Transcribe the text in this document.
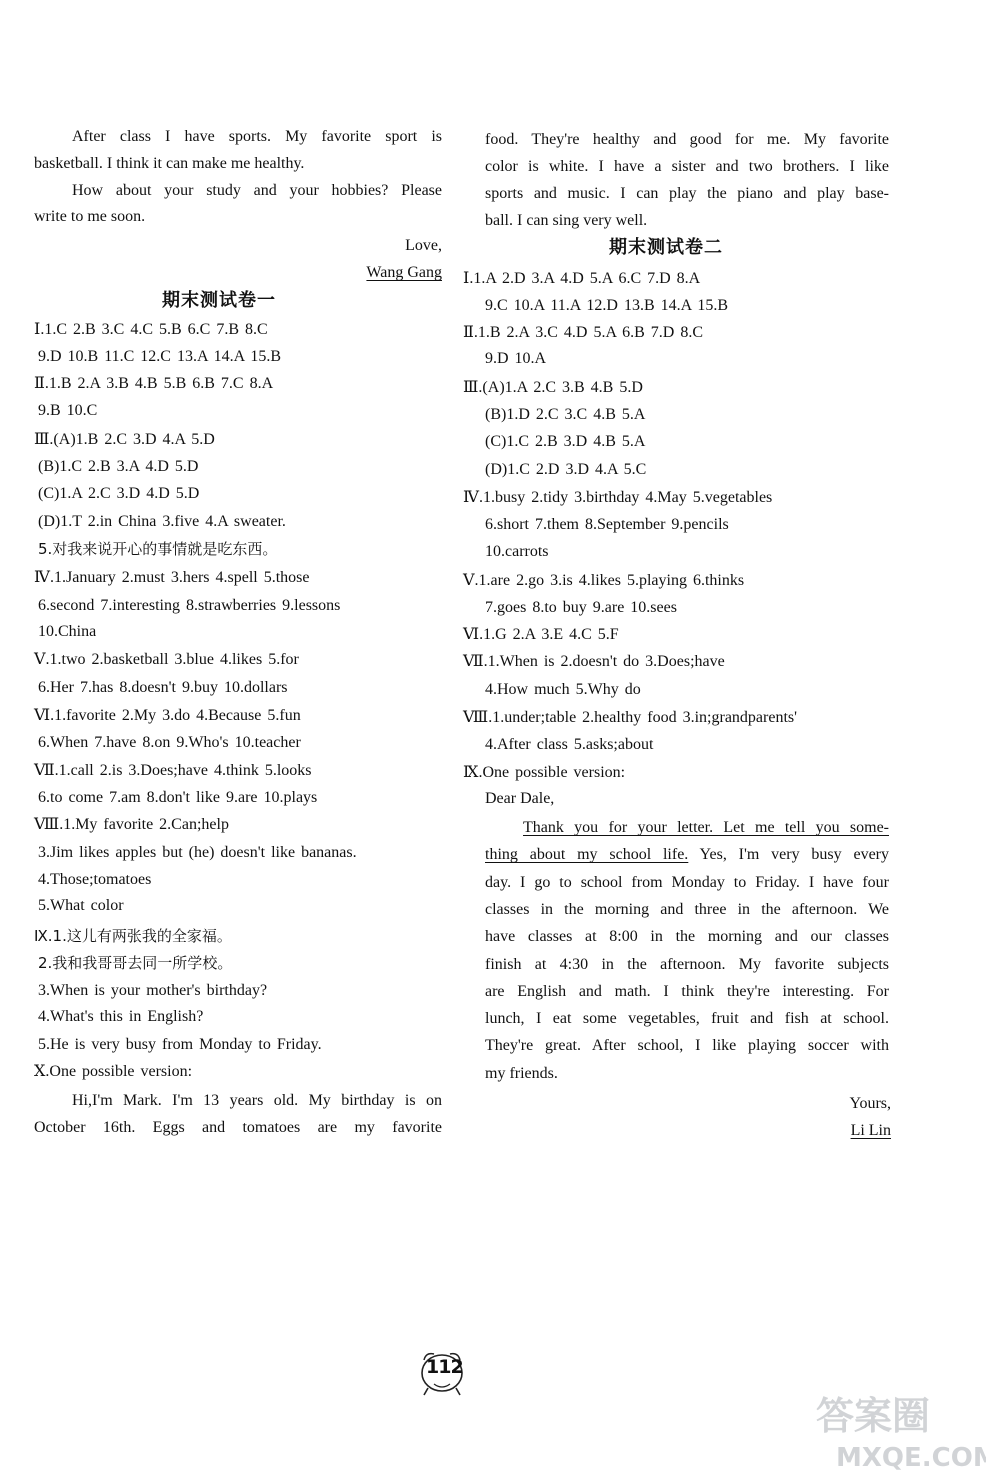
After class I have sports. My favorite sport is
basketball. I think it can make me healthy.
How about your study and your hobbies? Please
write to me soon.
Love,
Wang Gang
期末测试卷一
Ⅰ.1.C 2.B 3.C 4.C 5.B 6.C 7.B 8.C
9.D 10.B 11.C 12.C 13.A 14.A 15.B
Ⅱ.1.B 2.A 3.B 4.B 5.B 6.B 7.C 8.A
9.B 10.C
Ⅲ.(A)1.B 2.C 3.D 4.A 5.D
(B)1.C 2.B 3.A 4.D 5.D
(C)1.A 2.C 3.D 4.D 5.D
(D)1.T 2.in China 3.five 4.A sweater.
5.对我来说开心的事情就是吃东西。
Ⅳ.1.January 2.must 3.hers 4.spell 5.those
6.second 7.interesting 8.strawberries 9.lessons
10.China
Ⅴ.1.two 2.basketball 3.blue 4.likes 5.for
6.Her 7.has 8.doesn't 9.buy 10.dollars
Ⅵ.1.favorite 2.My 3.do 4.Because 5.fun
6.When 7.have 8.on 9.Who's 10.teacher
Ⅶ.1.call 2.is 3.Does;have 4.think 5.looks
6.to come 7.am 8.don't like 9.are 10.plays
Ⅷ.1.My favorite 2.Can;help
3.Jim likes apples but (he) doesn't like bananas.
4.Those;tomatoes
5.What color
Ⅸ.1.这儿有两张我的全家福。
2.我和我哥哥去同一所学校。
3.When is your mother's birthday?
4.What's this in English?
5.He is very busy from Monday to Friday.
Ⅹ.One possible version:
Hi,I'm Mark. I'm 13 years old. My birthday is on
October 16th. Eggs and tomatoes are my favorite
food. They're healthy and good for me. My favorite
color is white. I have a sister and two brothers. I like
sports and music. I can play the piano and play base-
ball. I can sing very well.
期末测试卷二
Ⅰ.1.A 2.D 3.A 4.D 5.A 6.C 7.D 8.A
9.C 10.A 11.A 12.D 13.B 14.A 15.B
Ⅱ.1.B 2.A 3.C 4.D 5.A 6.B 7.D 8.C
9.D 10.A
Ⅲ.(A)1.A 2.C 3.B 4.B 5.D
(B)1.D 2.C 3.C 4.B 5.A
(C)1.C 2.B 3.D 4.B 5.A
(D)1.C 2.D 3.D 4.A 5.C
Ⅳ.1.busy 2.tidy 3.birthday 4.May 5.vegetables
6.short 7.them 8.September 9.pencils
10.carrots
Ⅴ.1.are 2.go 3.is 4.likes 5.playing 6.thinks
7.goes 8.to buy 9.are 10.sees
Ⅵ.1.G 2.A 3.E 4.C 5.F
Ⅶ.1.When is 2.doesn't do 3.Does;have
4.How much 5.Why do
Ⅷ.1.under;table 2.healthy food 3.in;grandparents'
4.After class 5.asks;about
Ⅸ.One possible version:
Dear Dale,
Thank you for your letter. Let me tell you some-
thing about my school life. Yes, I'm very busy every
day. I go to school from Monday to Friday. I have four
classes in the morning and three in the afternoon. We
have classes at 8:00 in the morning and our classes
finish at 4:30 in the afternoon. My favorite subjects
are English and math. I think they're interesting. For
lunch, I eat some vegetables, fruit and fish at school.
They're great. After school, I like playing soccer with
my friends.
Yours,
Li Lin
112
答案圈
MXQE.COM
